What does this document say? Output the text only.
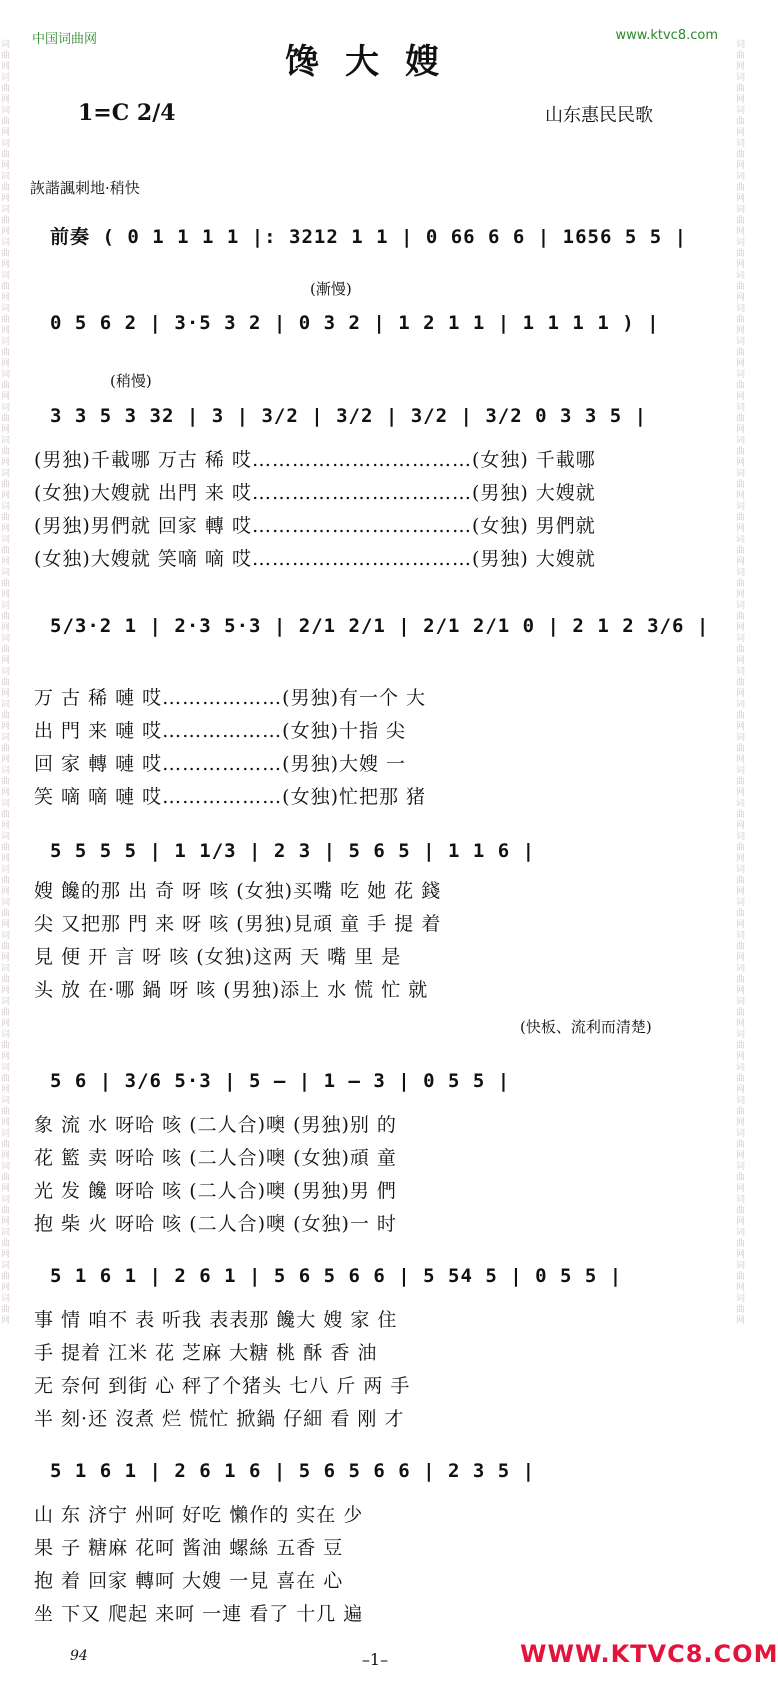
中国词曲网	www.ktvc8.com
词曲网词曲网词曲网词曲网词曲网词曲网词曲网词曲网词曲网词曲网词曲网词曲网词曲网词曲网词曲网词曲网词曲网词曲网词曲网词曲网词曲网词曲网词曲网词曲网词曲网词曲网词曲网词曲网词曲网词曲网词曲网词曲网词曲网词曲网词曲网词曲网词曲网词曲网词曲网
词曲网词曲网词曲网词曲网词曲网词曲网词曲网词曲网词曲网词曲网词曲网词曲网词曲网词曲网词曲网词曲网词曲网词曲网词曲网词曲网词曲网词曲网词曲网词曲网词曲网词曲网词曲网词曲网词曲网词曲网词曲网词曲网词曲网词曲网词曲网词曲网词曲网词曲网词曲网
馋大嫂
1=C 2/4	山东惠民民歌
詼諧諷刺地·稍快
前奏 ( 0 1 1 1 1 |: 3212 1 1 | 0 66 6 6 | 1656 5 5 |
(漸慢)
0 5 6 2 | 3·5 3 2 | 0 3 2 | 1 2 1 1 | 1 1 1 1 ) |
(稍慢)
3 3 5 3 32 | 3 | 3/2 | 3/2 | 3/2 | 3/2 0 3 3 5 |
(男独)千載哪 万古 稀 哎……………………………(女独) 千載哪
(女独)大嫂就 出門 来 哎……………………………(男独) 大嫂就
(男独)男們就 回家 轉 哎……………………………(女独) 男們就
(女独)大嫂就 笑嘀 嘀 哎……………………………(男独) 大嫂就
5/3·2 1 | 2·3 5·3 | 2/1 2/1 | 2/1 2/1 0 | 2 1 2 3/6 |
万 古 稀 嗹 哎………………(男独)有一个 大
出 門 来 嗹 哎………………(女独)十指 尖
回 家 轉 嗹 哎………………(男独)大嫂 一
笑 嘀 嘀 嗹 哎………………(女独)忙把那 猪
5 5 5 5 | 1 1/3 | 2 3 | 5 6 5 | 1 1 6 |
嫂 饞的那 出 奇 呀 咳 (女独)买嘴 吃 她 花 錢
尖 又把那 門 来 呀 咳 (男独)見頑 童 手 提 着
見 便 开 言 呀 咳 (女独)这两 天 嘴 里 是
头 放 在·哪 鍋 呀 咳 (男独)添上 水 慌 忙 就
(快板、流利而清楚)
5 6 | 3/6 5·3 | 5 — | 1 — 3 | 0 5 5 |
象 流 水 呀哈 咳 (二人合)噢 (男独)别 的
花 籃 卖 呀哈 咳 (二人合)噢 (女独)頑 童
光 发 饞 呀哈 咳 (二人合)噢 (男独)男 們
抱 柴 火 呀哈 咳 (二人合)噢 (女独)一 时
5 1 6 1 | 2 6 1 | 5 6 5 6 6 | 5 54 5 | 0 5 5 |
事 情 咱不 表 听我 表表那 饞大 嫂 家 住
手 提着 江米 花 芝麻 大糖 桃 酥 香 油
无 奈何 到街 心 秤了个猪头 七八 斤 两 手
半 刻·还 沒煮 烂 慌忙 掀鍋 仔細 看 刚 才
5 1 6 1 | 2 6 1 6 | 5 6 5 6 6 | 2 3 5 |
山 东 济宁 州呵 好吃 懶作的 实在 少
果 子 糖麻 花呵 酱油 螺絲 五香 豆
抱 着 回家 轉呵 大嫂 一見 喜在 心
坐 下又 爬起 来呵 一連 看了 十几 遍
94	–1–	WWW.KTVC8.COM
